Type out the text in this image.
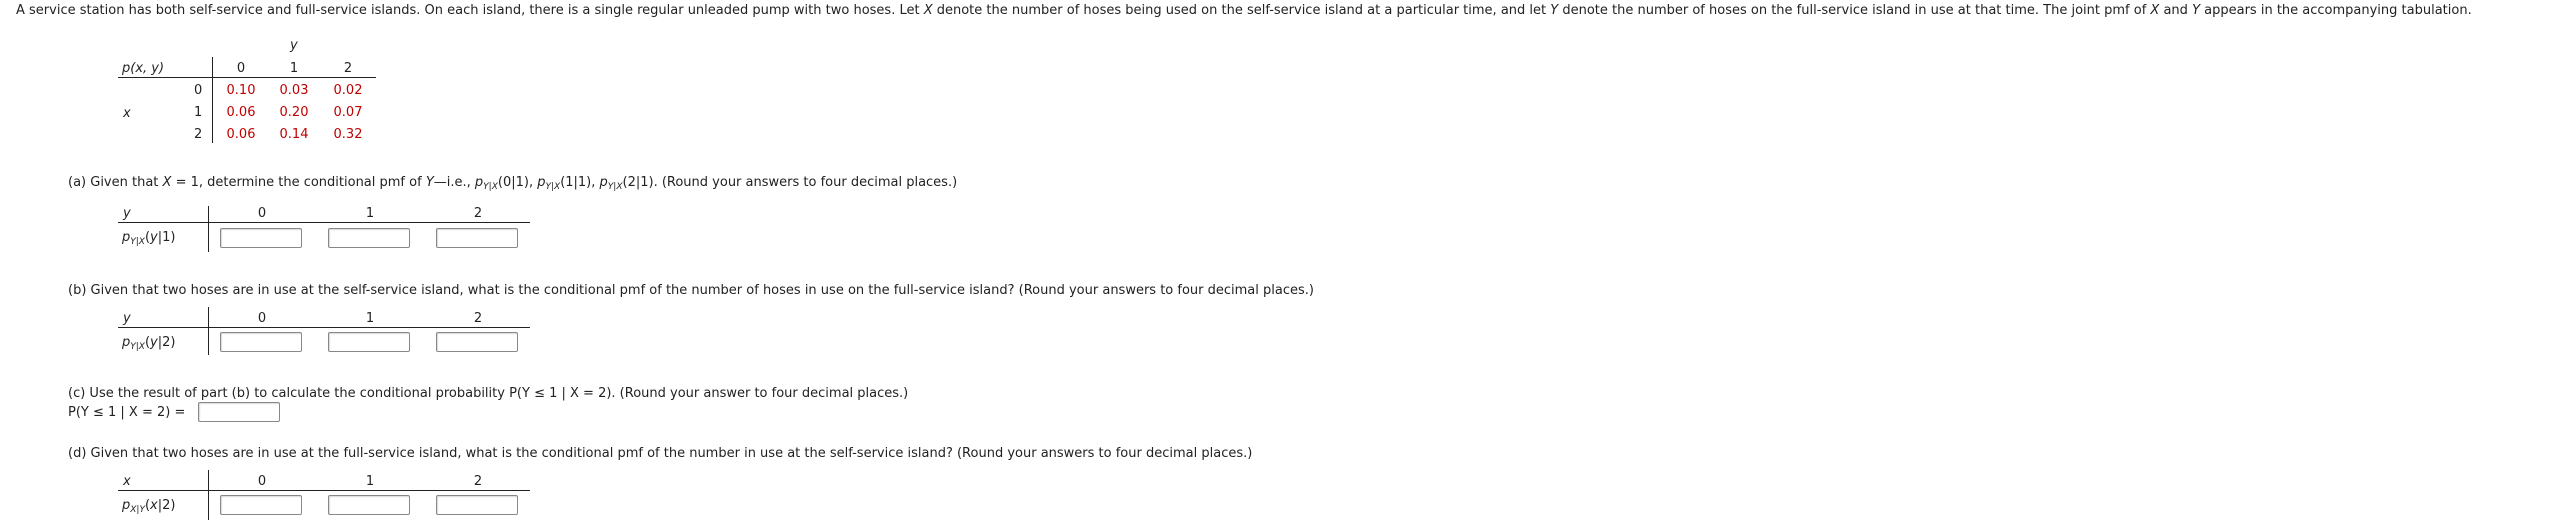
A service station has both self-service and full-service islands. On each island, there is a single regular unleaded pump with two hoses. Let X denote the number of hoses being used on the self-service island at a particular time, and let Y denote the number of hoses on the full-service island in use at that time. The joint pmf of X and Y appears in the accompanying tabulation.
y
p(x, y)	0	1	2
x
0	0.10	0.03	0.02
1	0.06	0.20	0.07
2	0.06	0.14	0.32
(a) Given that X = 1, determine the conditional pmf of Y—i.e., $p_{Y|X}(0|1)$, $p_{Y|X}(1|1)$, $p_{Y|X}(2|1)$. (Round your answers to four decimal places.)
y	0	1	2
$p_{Y|X}(y|1)$
(b) Given that two hoses are in use at the self-service island, what is the conditional pmf of the number of hoses in use on the full-service island? (Round your answers to four decimal places.)
y	0	1	2
$p_{Y|X}(y|2)$
(c) Use the result of part (b) to calculate the conditional probability P(Y ≤ 1 | X = 2). (Round your answer to four decimal places.)
P(Y ≤ 1 | X = 2) =
(d) Given that two hoses are in use at the full-service island, what is the conditional pmf of the number in use at the self-service island? (Round your answers to four decimal places.)
x	0	1	2
$p_{X|Y}(x|2)$
